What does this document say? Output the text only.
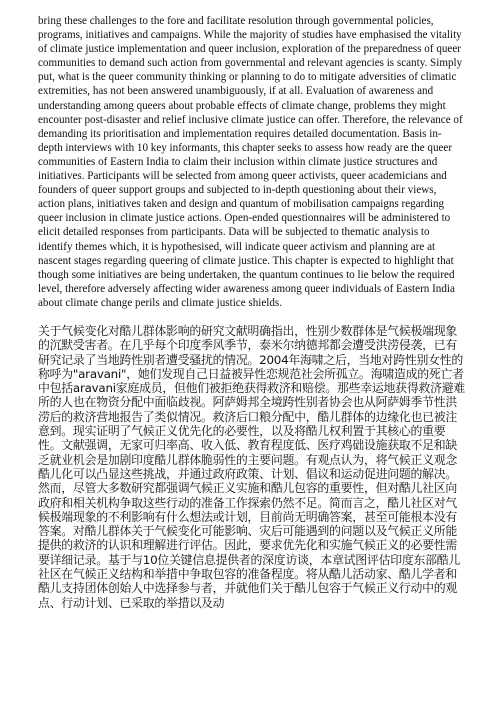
bring these challenges to the fore and facilitate resolution through governmental policies, programs, initiatives and campaigns. While the majority of studies have emphasised the vitality of climate justice implementation and queer inclusion, exploration of the preparedness of queer communities to demand such action from governmental and relevant agencies is scanty. Simply put, what is the queer community thinking or planning to do to mitigate adversities of climatic extremities, has not been answered unambiguously, if at all. Evaluation of awareness and understanding among queers about probable effects of climate change, problems they might encounter post-disaster and relief inclusive climate justice can offer. Therefore, the relevance of demanding its prioritisation and implementation requires detailed documentation. Basis in-depth interviews with 10 key informants, this chapter seeks to assess how ready are the queer communities of Eastern India to claim their inclusion within climate justice structures and initiatives. Participants will be selected from among queer activists, queer academicians and founders of queer support groups and subjected to in-depth questioning about their views, action plans, initiatives taken and design and quantum of mobilisation campaigns regarding queer inclusion in climate justice actions. Open-ended questionnaires will be administered to elicit detailed responses from participants. Data will be subjected to thematic analysis to identify themes which, it is hypothesised, will indicate queer activism and planning are at nascent stages regarding queering of climate justice. This chapter is expected to highlight that though some initiatives are being undertaken, the quantum continues to lie below the required level, therefore adversely affecting wider awareness among queer individuals of Eastern India about climate change perils and climate justice shields.

关于气候变化对酷儿群体影响的研究文献明确指出，性别少数群体是气候极端现象的沉默受害者。在几乎每个印度季风季节，泰米尔纳德邦都会遭受洪涝侵袭，已有研究记录了当地跨性别者遭受骚扰的情况。2004年海啸之后，当地对跨性别女性的称呼为"aravani"，她们发现自己日益被异性恋规范社会所孤立。海啸造成的死亡者中包括aravani家庭成员，但他们被拒绝获得救济和赔偿。那些幸运地获得救济避难所的人也在物资分配中面临歧视。阿萨姆邦全境跨性别者协会也从阿萨姆季节性洪涝后的救济营地报告了类似情况。救济后口粮分配中，酷儿群体的边缘化也已被注意到。现实证明了气候正义优先化的必要性，以及将酷儿权利置于其核心的重要性。文献强调，无家可归率高、收入低、教育程度低、医疗鸡础设施获取不足和缺乏就业机会是加剧印度酷儿群体脆弱性的主要问题。有观点认为，将气候正义观念酷儿化可以凸显这些挑战，并通过政府政策、计划、倡议和运动促进问题的解决。然而，尽管大多数研究都强调气候正义实施和酷儿包容的重要性，但对酷儿社区向政府和相关机构争取这些行动的准备工作探索仍然不足。简而言之，酷儿社区对气候极端现象的不利影响有什么想法或计划，目前尚无明确答案，甚至可能根本没有答案。对酷儿群体关于气候变化可能影响、灾后可能遇到的问题以及气候正义所能提供的救济的认识和理解进行评估。因此，要求优先化和实施气候正义的必要性需要详细记录。基于与10位关键信息提供者的深度访谈，本章试图评估印度东部酷儿社区在气候正义结构和举措中争取包容的准备程度。将从酷儿活动家、酷儿学者和酷儿支持团体创始人中选择参与者，并就他们关于酷儿包容于气候正义行动中的观点、行动计划、已采取的举措以及动
